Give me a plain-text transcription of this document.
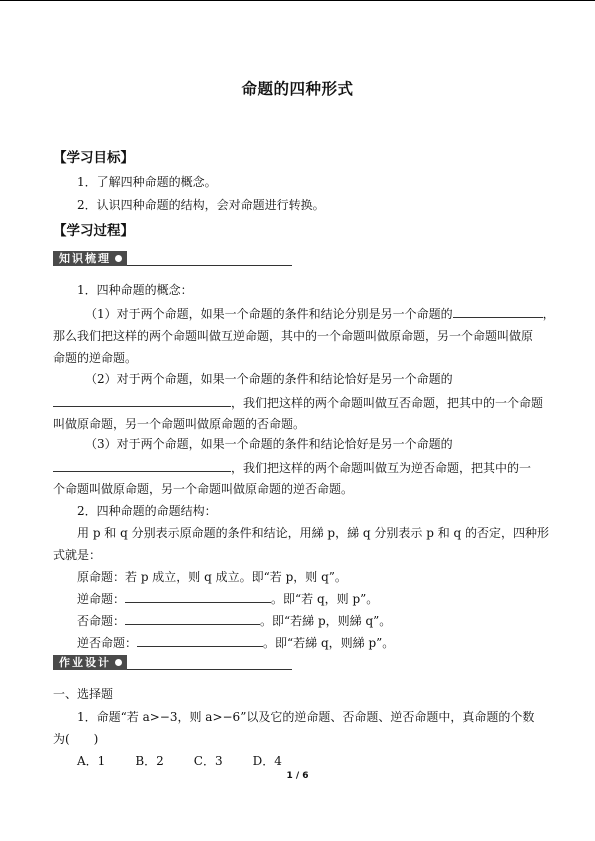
命题的四种形式
【学习目标】
1．了解四种命题的概念。
2．认识四种命题的结构，会对命题进行转换。
【学习过程】
知识梳理
1．四种命题的概念：
（1）对于两个命题，如果一个命题的条件和结论分别是另一个命题的	，
那么我们把这样的两个命题叫做互逆命题，其中的一个命题叫做原命题，另一个命题叫做原
命题的逆命题。
（2）对于两个命题，如果一个命题的条件和结论恰好是另一个命题的
，我们把这样的两个命题叫做互否命题，把其中的一个命题
叫做原命题，另一个命题叫做原命题的否命题。
（3）对于两个命题，如果一个命题的条件和结论恰好是另一个命题的
，我们把这样的两个命题叫做互为逆否命题，把其中的一
个命题叫做原命题，另一个命题叫做原命题的逆否命题。
2．四种命题的命题结构：
用 p 和 q 分别表示原命题的条件和结论，用綈 p，綈 q 分别表示 p 和 q 的否定，四种形
式就是：
原命题：若 p 成立，则 q 成立。即“若 p，则 q”。
逆命题：	。即“若 q，则 p”。
否命题：	。即“若綈 p，则綈 q”。
逆否命题：	。即“若綈 q，则綈 p”。
作业设计
一、选择题
1．命题“若 a>−3，则 a>−6”以及它的逆命题、否命题、逆否命题中，真命题的个数
为(　　)
A．1	B．2	C．3	D．4
1 / 6
